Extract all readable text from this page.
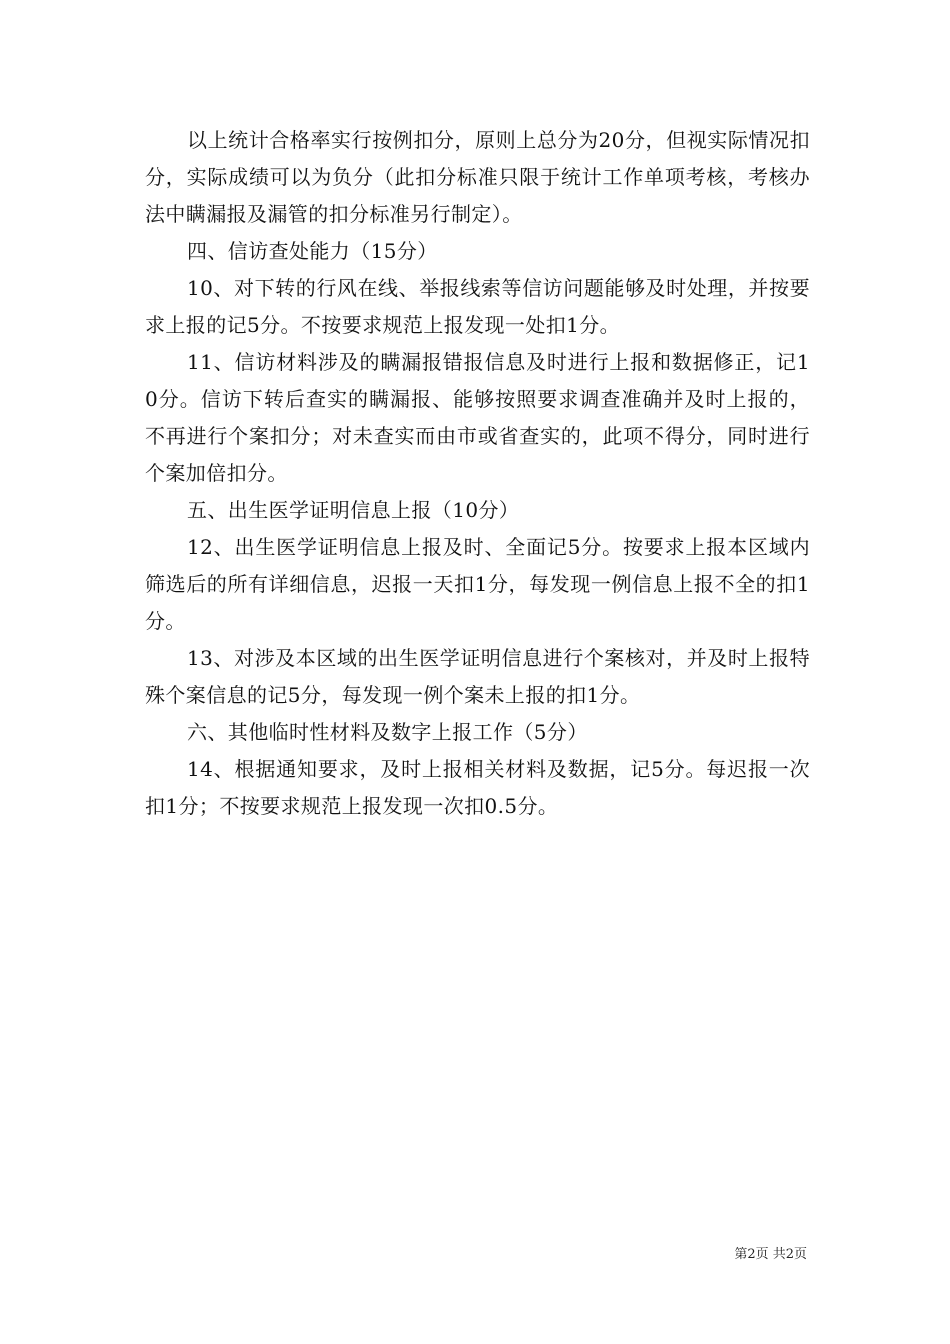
以上统计合格率实行按例扣分，原则上总分为20分，但视实际情况扣分，实际成绩可以为负分（此扣分标准只限于统计工作单项考核，考核办法中瞒漏报及漏管的扣分标准另行制定）。

四、信访查处能力（15分）

10、对下转的行风在线、举报线索等信访问题能够及时处理，并按要求上报的记5分。不按要求规范上报发现一处扣1分。

11、信访材料涉及的瞒漏报错报信息及时进行上报和数据修正，记10分。信访下转后查实的瞒漏报、能够按照要求调查准确并及时上报的，不再进行个案扣分；对未查实而由市或省查实的，此项不得分，同时进行个案加倍扣分。

五、出生医学证明信息上报（10分）

12、出生医学证明信息上报及时、全面记5分。按要求上报本区域内筛选后的所有详细信息，迟报一天扣1分，每发现一例信息上报不全的扣1分。

13、对涉及本区域的出生医学证明信息进行个案核对，并及时上报特殊个案信息的记5分，每发现一例个案未上报的扣1分。

六、其他临时性材料及数字上报工作（5分）

14、根据通知要求，及时上报相关材料及数据，记5分。每迟报一次扣1分；不按要求规范上报发现一次扣0.5分。

第2页 共2页
